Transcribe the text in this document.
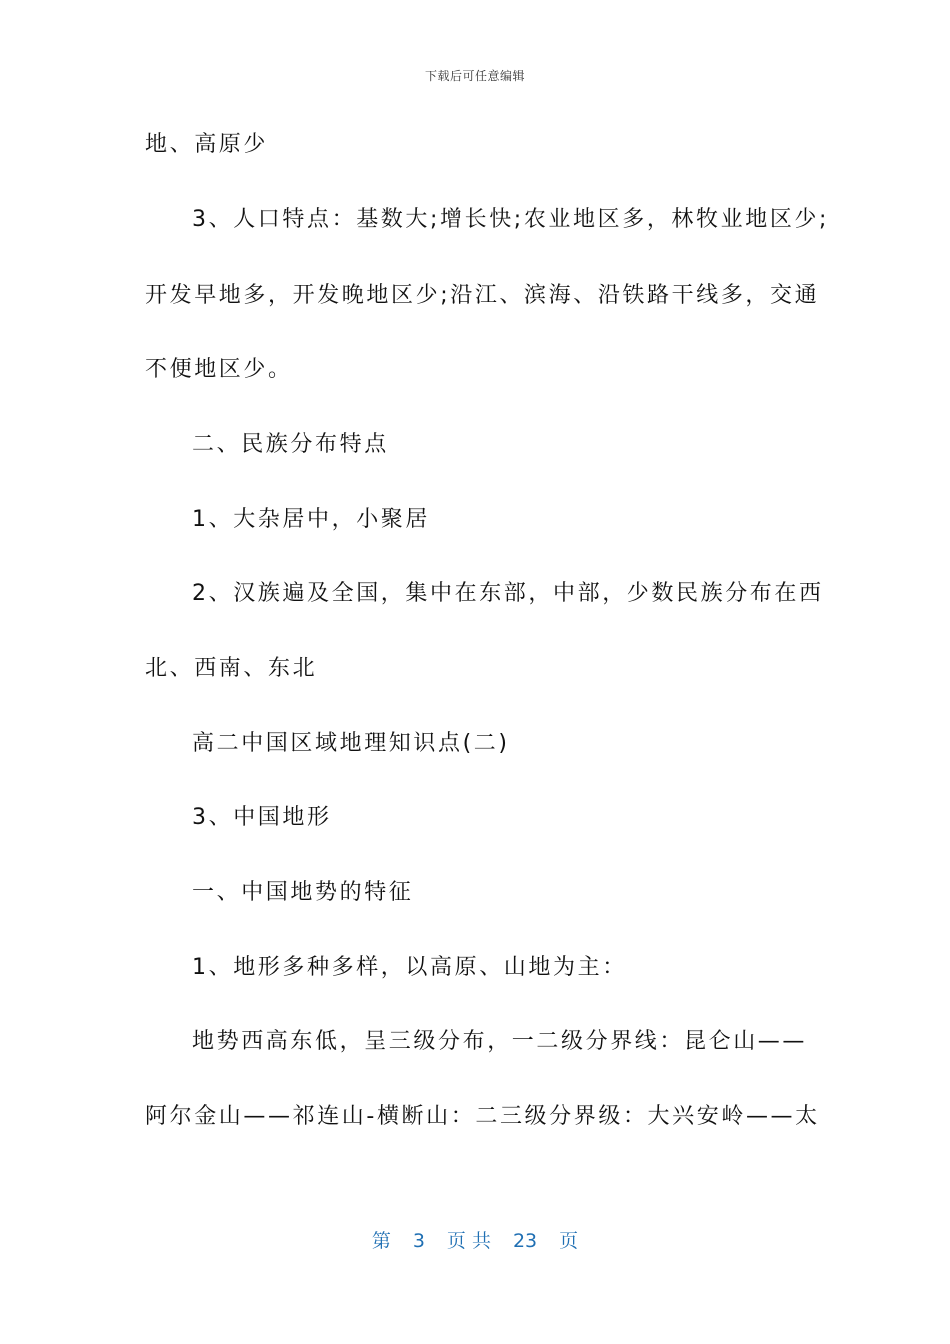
下载后可任意编辑
地、高原少
3、人口特点：基数大;增长快;农业地区多，林牧业地区少;
开发早地多，开发晚地区少;沿江、滨海、沿铁路干线多，交通
不便地区少。
二、民族分布特点
1、大杂居中，小聚居
2、汉族遍及全国，集中在东部，中部，少数民族分布在西
北、西南、东北
高二中国区域地理知识点(二)
3、中国地形
一、中国地势的特征
1、地形多种多样，以高原、山地为主：
地势西高东低，呈三级分布，一二级分界线：昆仑山——
阿尔金山——祁连山-横断山：二三级分界级：大兴安岭——太
第 3 页 共 23 页
